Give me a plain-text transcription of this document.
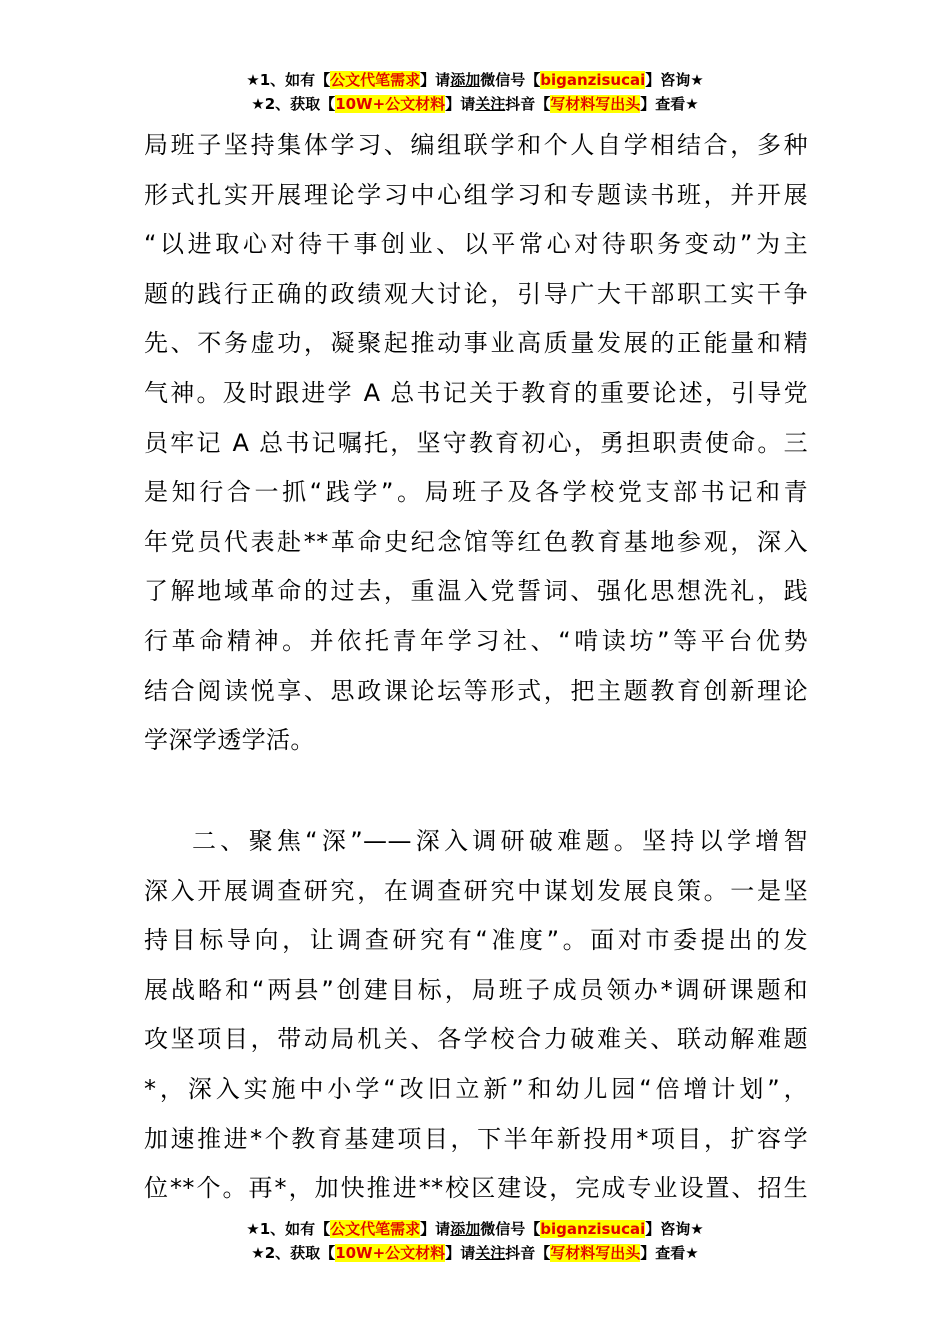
★1、如有【公文代笔需求】请添加微信号【biganzisucai】咨询★
★2、获取【10W+公文材料】请关注抖音【写材料写出头】查看★
局班子坚持集体学习、编组联学和个人自学相结合，多种
形式扎实开展理论学习中心组学习和专题读书班，并开展
“以进取心对待干事创业、以平常心对待职务变动”为主
题的践行正确的政绩观大讨论，引导广大干部职工实干争
先、不务虚功，凝聚起推动事业高质量发展的正能量和精
气神。及时跟进学 A 总书记关于教育的重要论述，引导党
员牢记 A 总书记嘱托，坚守教育初心，勇担职责使命。三
是知行合一抓“践学”。局班子及各学校党支部书记和青
年党员代表赴**革命史纪念馆等红色教育基地参观，深入
了解地域革命的过去，重温入党誓词、强化思想洗礼，践
行革命精神。并依托青年学习社、“啃读坊”等平台优势
结合阅读悦享、思政课论坛等形式，把主题教育创新理论
学深学透学活。
二、聚焦“深”——深入调研破难题。坚持以学增智
深入开展调查研究，在调查研究中谋划发展良策。一是坚
持目标导向，让调查研究有“准度”。面对市委提出的发
展战略和“两县”创建目标，局班子成员领办*调研课题和
攻坚项目，带动局机关、各学校合力破难关、联动解难题
*，深入实施中小学“改旧立新”和幼儿园“倍增计划”，
加速推进*个教育基建项目，下半年新投用*项目，扩容学
位**个。再*，加快推进**校区建设，完成专业设置、招生
★1、如有【公文代笔需求】请添加微信号【biganzisucai】咨询★
★2、获取【10W+公文材料】请关注抖音【写材料写出头】查看★
